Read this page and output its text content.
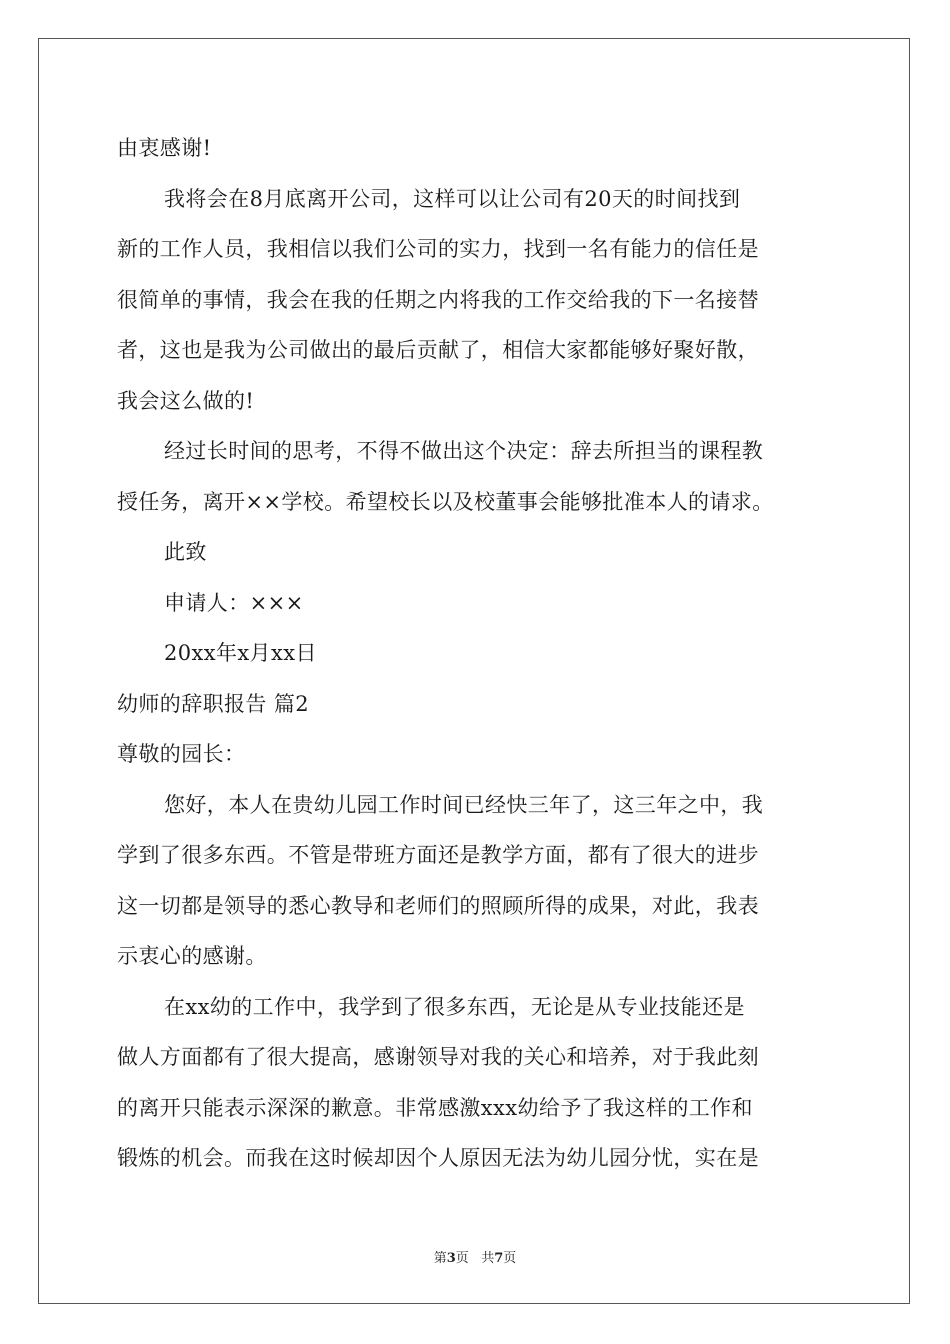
由衷感谢!
我将会在8月底离开公司，这样可以让公司有20天的时间找到
新的工作人员，我相信以我们公司的实力，找到一名有能力的信任是
很简单的事情，我会在我的任期之内将我的工作交给我的下一名接替
者，这也是我为公司做出的最后贡献了，相信大家都能够好聚好散，
我会这么做的!
经过长时间的思考，不得不做出这个决定：辞去所担当的课程教
授任务，离开××学校。希望校长以及校董事会能够批准本人的请求。
此致
申请人：×××
20xx年x月xx日
幼师的辞职报告 篇2
尊敬的园长：
您好，本人在贵幼儿园工作时间已经快三年了，这三年之中，我
学到了很多东西。不管是带班方面还是教学方面，都有了很大的进步
这一切都是领导的悉心教导和老师们的照顾所得的成果，对此，我表
示衷心的感谢。
在xx幼的工作中，我学到了很多东西，无论是从专业技能还是
做人方面都有了很大提高，感谢领导对我的关心和培养，对于我此刻
的离开只能表示深深的歉意。非常感激xxx幼给予了我这样的工作和
锻炼的机会。而我在这时候却因个人原因无法为幼儿园分忧，实在是
第3页 共7页
